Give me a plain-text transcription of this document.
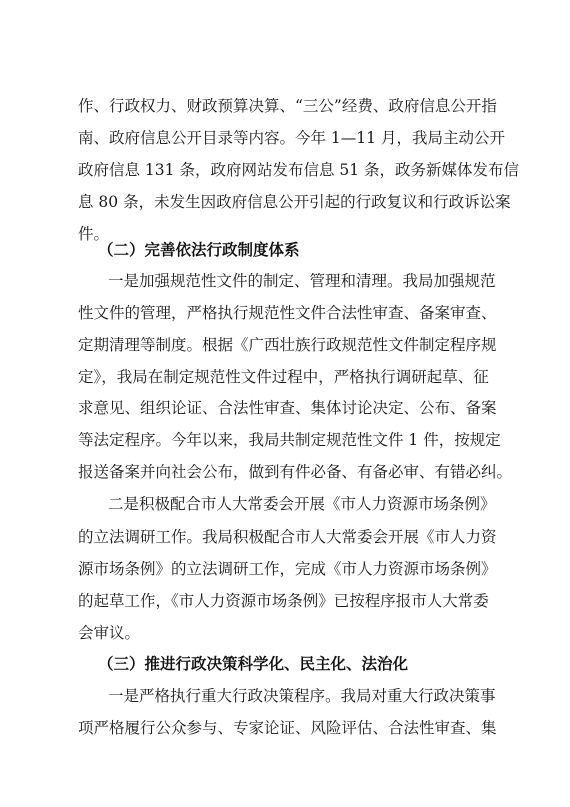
作、行政权力、财政预算决算、“三公”经费、政府信息公开指
南、政府信息公开目录等内容。今年 1—11 月，我局主动公开
政府信息 131 条，政府网站发布信息 51 条，政务新媒体发布信
息 80 条，未发生因政府信息公开引起的行政复议和行政诉讼案
件。
（二）完善依法行政制度体系
一是加强规范性文件的制定、管理和清理。我局加强规范
性文件的管理，严格执行规范性文件合法性审查、备案审查、
定期清理等制度。根据《广西壮族行政规范性文件制定程序规
定》，我局在制定规范性文件过程中，严格执行调研起草、征
求意见、组织论证、合法性审查、集体讨论决定、公布、备案
等法定程序。今年以来，我局共制定规范性文件 1 件，按规定
报送备案并向社会公布，做到有件必备、有备必审、有错必纠。
二是积极配合市人大常委会开展《市人力资源市场条例》
的立法调研工作。我局积极配合市人大常委会开展《市人力资
源市场条例》的立法调研工作，完成《市人力资源市场条例》
的起草工作，《市人力资源市场条例》已按程序报市人大常委
会审议。
（三）推进行政决策科学化、民主化、法治化
一是严格执行重大行政决策程序。我局对重大行政决策事
项严格履行公众参与、专家论证、风险评估、合法性审查、集
